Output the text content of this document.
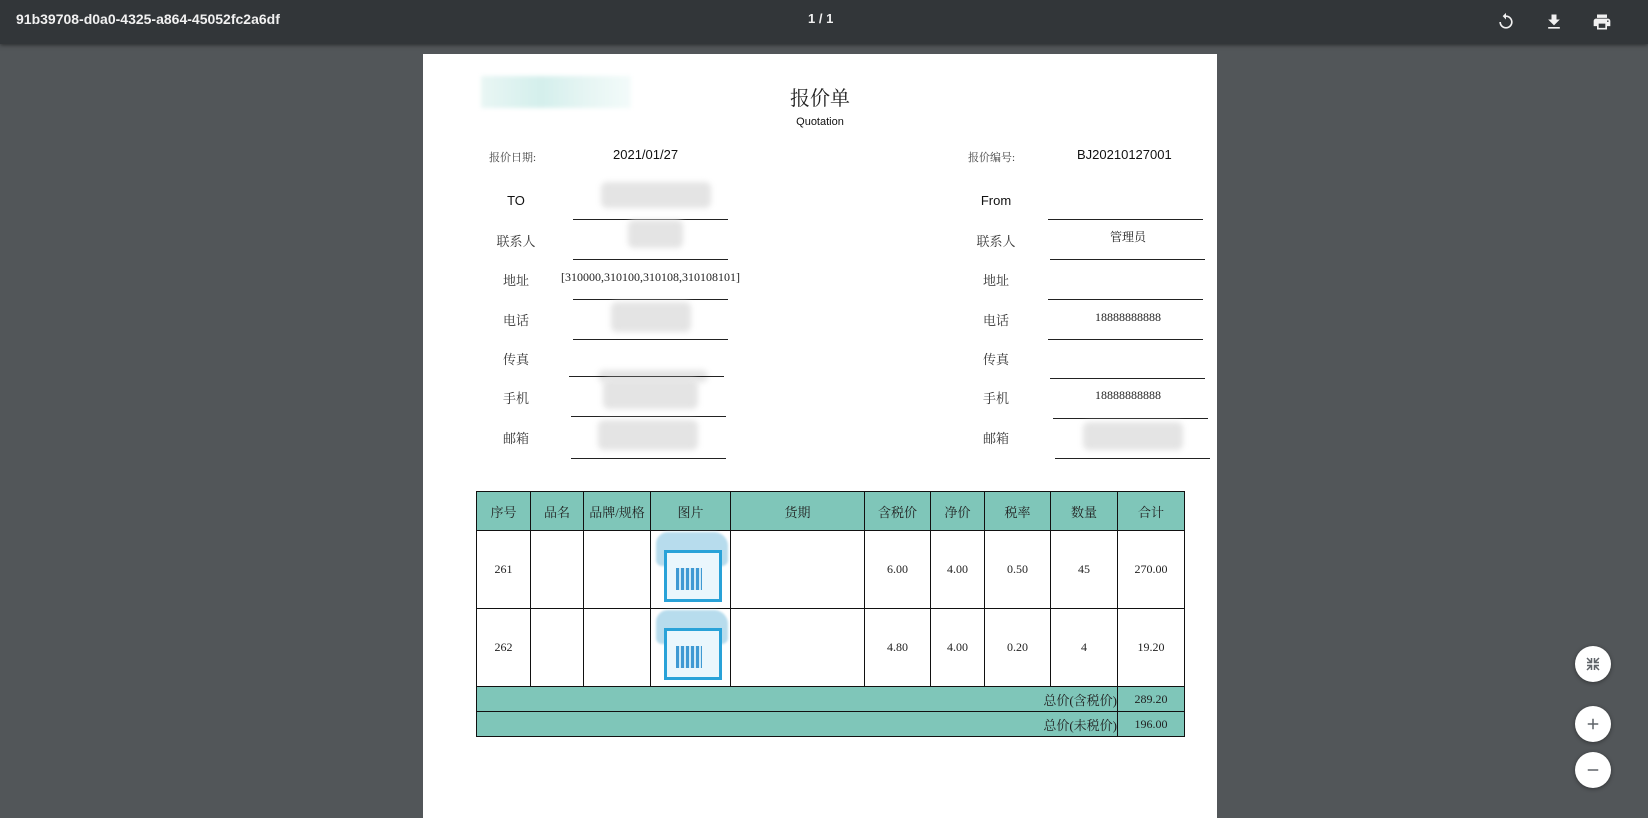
91b39708-d0a0-4325-a864-45052fc2a6df	1 / 1
报价单
Quotation
报价日期:	2021/01/27	报价编号:	BJ20210127001
TO
联系人
地址	[310000,310100,310108,310108101]
电话
传真
手机
邮箱
From
联系人	管理员
地址
电话	18888888888
传真
手机	18888888888
邮箱
序号	品名	品牌/规格	图片	货期	含税价	净价	税率	数量	合计
261					6.00	4.00	0.50	45	270.00
262					4.80	4.00	0.20	4	19.20
总价(含税价)									289.20
总价(未税价)									196.00
